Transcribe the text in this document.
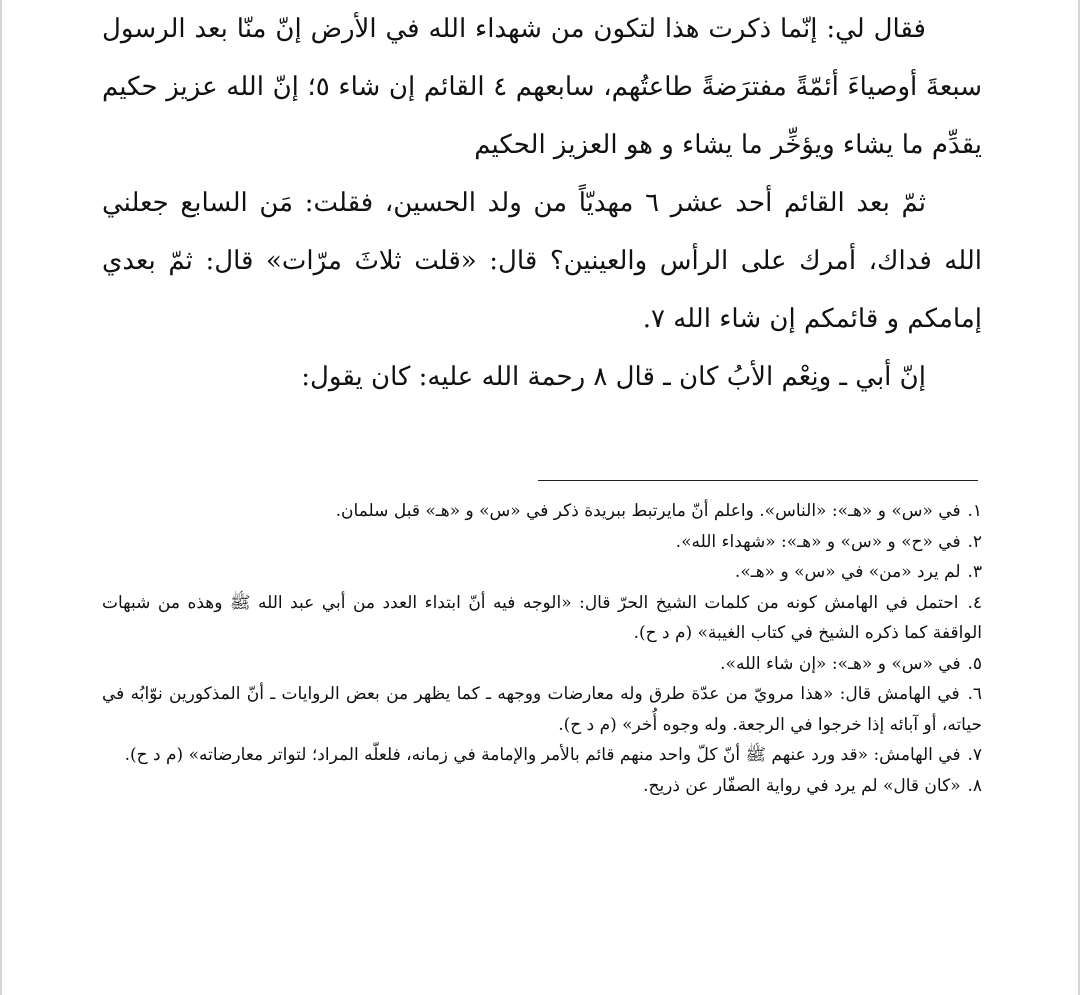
فقال لي: إنّما ذكرت هذا لتكون من شهداء الله في الأرض إنّ منّا بعد الرسول سبعةَ أوصياءَ أئمّةً مفترَضةً طاعتُهم، سابعهم ٤ القائم إن شاء ٥؛ إنّ الله عزيز حكيم يقدِّم ما يشاء ويؤخِّر ما يشاء و هو العزيز الحكيم

ثمّ بعد القائم أحد عشر ٦ مهديّاً من ولد الحسين، فقلت: مَن السابع جعلني الله فداك، أمرك على الرأس والعينين؟ قال: «قلت ثلاثَ مرّات» قال: ثمّ بعدي إمامكم و قائمكم إن شاء الله ٧.

إنّ أبي ـ ونِعْم الأبُ كان ـ قال ٨ رحمة الله عليه: كان يقول:

١. في «س» و «هـ»: «الناس». واعلم أنّ مايرتبط ببريدة ذكر في «س» و «هـ» قبل سلمان.

٢. في «ح» و «س» و «هـ»: «شهداء الله».

٣. لم يرد «من» في «س» و «هـ».

٤. احتمل في الهامش كونه من كلمات الشيخ الحرّ قال: «الوجه فيه أنّ ابتداء العدد من أبي عبد الله ﷺ وهذه من شبهات الواقفة كما ذكره الشيخ في كتاب الغيبة» (م د ح).

٥. في «س» و «هـ»: «إن شاء الله».

٦. في الهامش قال: «هذا مرويّ من عدّة طرق وله معارضات ووجهه ـ كما يظهر من بعض الروايات ـ أنّ المذكورين نوّابُه في حياته، أو آبائه إذا خرجوا في الرجعة. وله وجوه أُخر» (م د ح).

٧. في الهامش: «قد ورد عنهم ﷺ أنّ كلّ واحد منهم قائم بالأمر والإمامة في زمانه، فلعلّه المراد؛ لتواتر معارضاته» (م د ح).

٨. «كان قال» لم يرد في رواية الصفّار عن ذريح.
